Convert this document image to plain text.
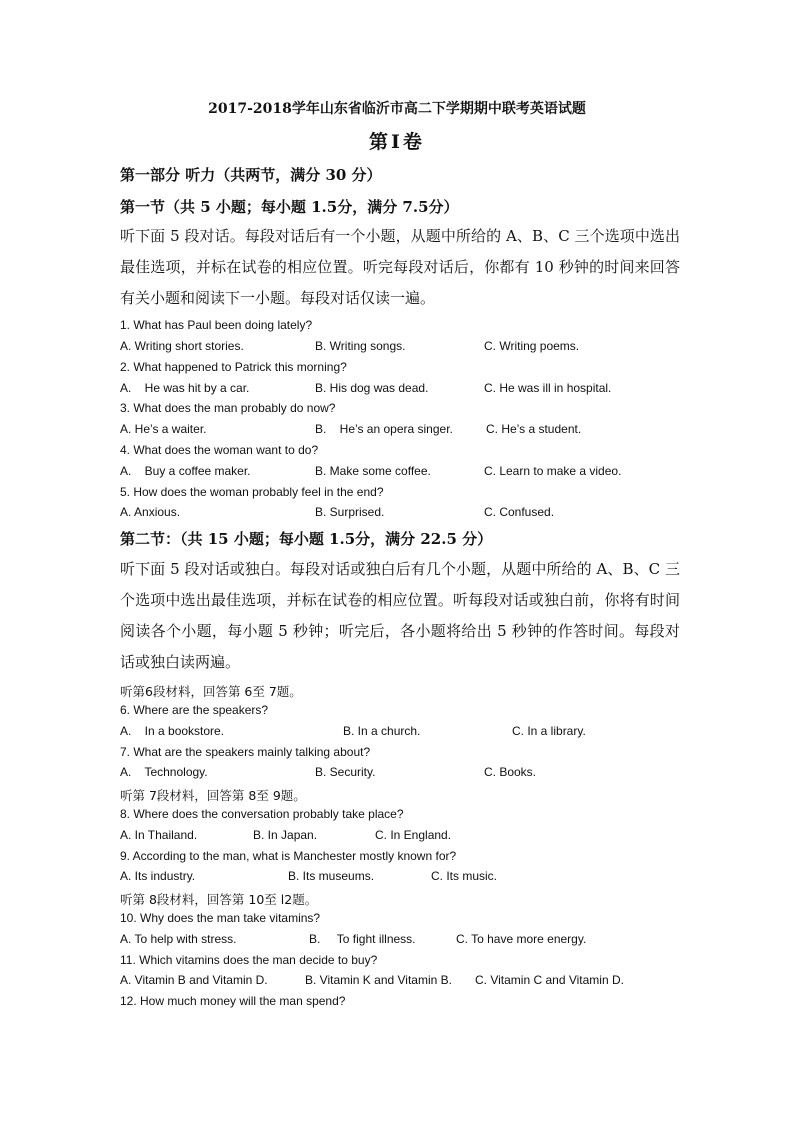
2017-2018学年山东省临沂市高二下学期期中联考英语试题
第Ⅰ卷
第一部分 听力（共两节，满分 30 分）
第一节（共 5 小题；每小题 1.5分，满分 7.5分）

听下面 5 段对话。每段对话后有一个小题，从题中所给的 A、B、C 三个选项中选出最佳选项，并标在试卷的相应位置。听完每段对话后，你都有 10 秒钟的时间来回答有关小题和阅读下一小题。每段对话仅读一遍。

1. What has Paul been doing lately?
A. Writing short stories.	B. Writing songs.	C. Writing poems.
2. What happened to Patrick this morning?
A.    He was hit by a car.	B. His dog was dead.	C. He was ill in hospital.
3. What does the man probably do now?
A. He’s a waiter.	B.    He’s an opera singer.	C. He’s a student.
4. What does the woman want to do?
A.    Buy a coffee maker.	B. Make some coffee.	C. Learn to make a video.
5. How does the woman probably feel in the end?
A. Anxious.	B. Surprised.	C. Confused.
第二节：（共 15 小题；每小题 1.5分，满分 22.5 分）

听下面 5 段对话或独白。每段对话或独白后有几个小题，从题中所给的 A、B、C 三个选项中选出最佳选项，并标在试卷的相应位置。听每段对话或独白前，你将有时间阅读各个小题，每小题 5 秒钟；听完后，各小题将给出 5 秒钟的作答时间。每段对话或独白读两遍。

听第6段材料，回答第 6至 7题。
6. Where are the speakers?
A.    In a bookstore.	B. In a church.	C. In a library.
7. What are the speakers mainly talking about?
A.    Technology.	B. Security.	C. Books.
听第 7段材料，回答第 8至 9题。
8. Where does the conversation probably take place?
A. In Thailand.	B. In Japan.	C. In England.
9. According to the man, what is Manchester mostly known for?
A. Its industry.	B. Its museums.	C. Its music.
听第 8段材料，回答第 10至 l2题。
10. Why does the man take vitamins?
A. To help with stress.	B.     To fight illness.	C. To have more energy.
11. Which vitamins does the man decide to buy?
A. Vitamin B and Vitamin D.	B. Vitamin K and Vitamin B. C. Vitamin C and Vitamin D.
12. How much money will the man spend?
